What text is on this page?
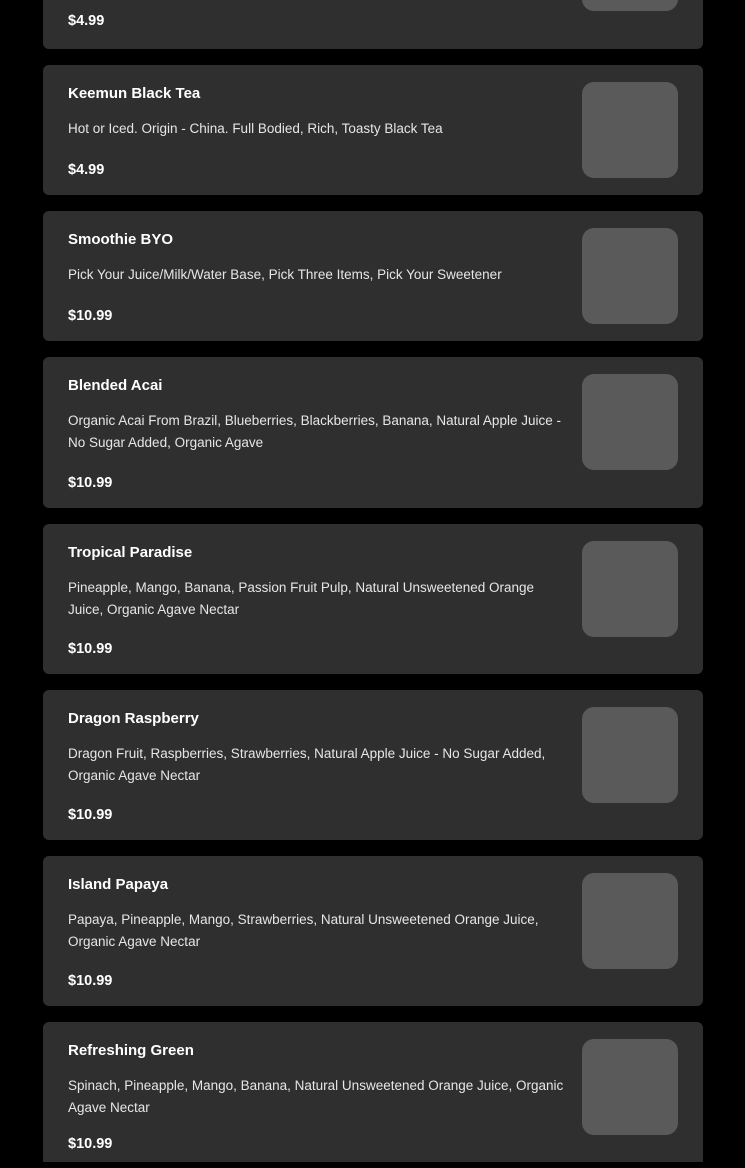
$4.99
Keemun Black Tea
Hot or Iced. Origin - China. Full Bodied, Rich, Toasty Black Tea
$4.99
Smoothie BYO
Pick Your Juice/Milk/Water Base, Pick Three Items, Pick Your Sweetener
$10.99
Blended Acai
Organic Acai From Brazil, Blueberries, Blackberries, Banana, Natural Apple Juice - No Sugar Added, Organic Agave
$10.99
Tropical Paradise
Pineapple, Mango, Banana, Passion Fruit Pulp, Natural Unsweetened Orange Juice, Organic Agave Nectar
$10.99
Dragon Raspberry
Dragon Fruit, Raspberries, Strawberries, Natural Apple Juice - No Sugar Added, Organic Agave Nectar
$10.99
Island Papaya
Papaya, Pineapple, Mango, Strawberries, Natural Unsweetened Orange Juice, Organic Agave Nectar
$10.99
Refreshing Green
Spinach, Pineapple, Mango, Banana, Natural Unsweetened Orange Juice, Organic Agave Nectar
$10.99
